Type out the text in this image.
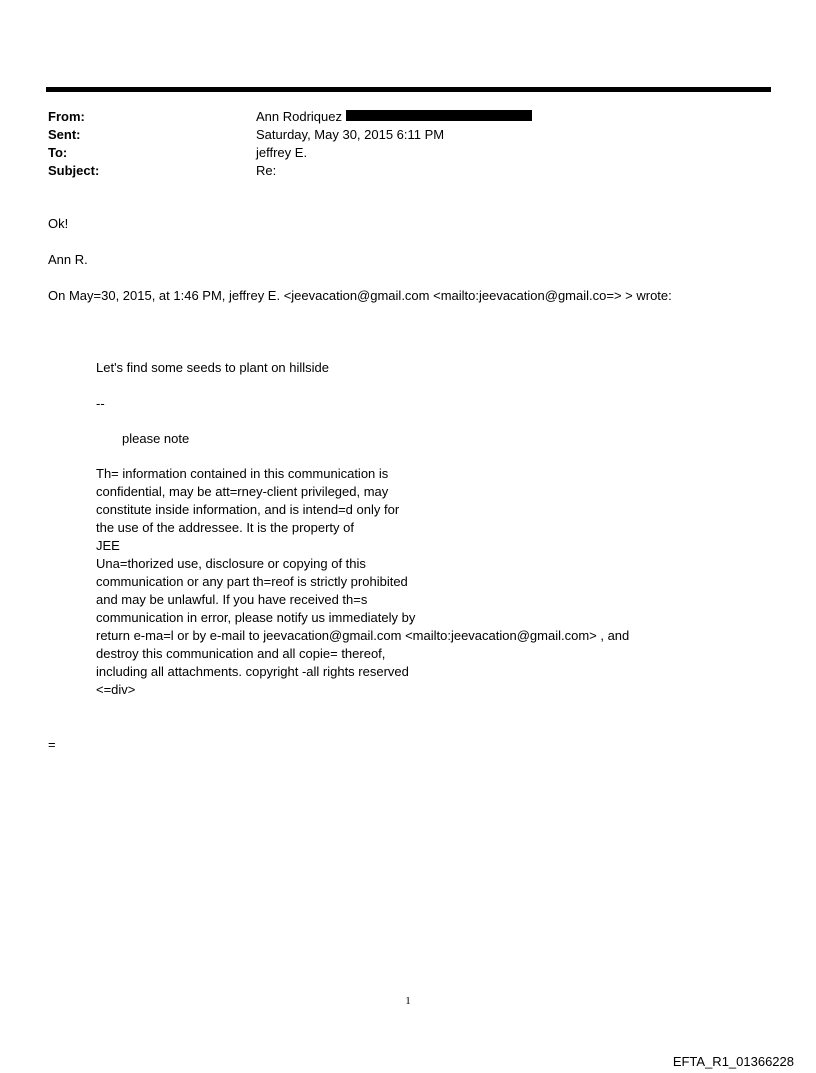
From:	Ann Rodriquez
Sent:	Saturday, May 30, 2015 6:11 PM
To:	jeffrey E.
Subject:	Re:
Ok!
Ann R.
On May=30, 2015, at 1:46 PM, jeffrey E. <jeevacation@gmail.com <mailto:jeevacation@gmail.co=> > wrote:
Let's find some seeds to plant on hillside
--
please note
Th= information contained in this communication is
confidential, may be att=rney-client privileged, may
constitute inside information, and is intend=d only for
the use of the addressee. It is the property of
JEE
Una=thorized use, disclosure or copying of this
communication or any part th=reof is strictly prohibited
and may be unlawful. If you have received th=s
communication in error, please notify us immediately by
return e-ma=l or by e-mail to jeevacation@gmail.com <mailto:jeevacation@gmail.com> , and
destroy this communication and all copie= thereof,
including all attachments. copyright -all rights reserved
<=div>
=
1
EFTA_R1_01366228
